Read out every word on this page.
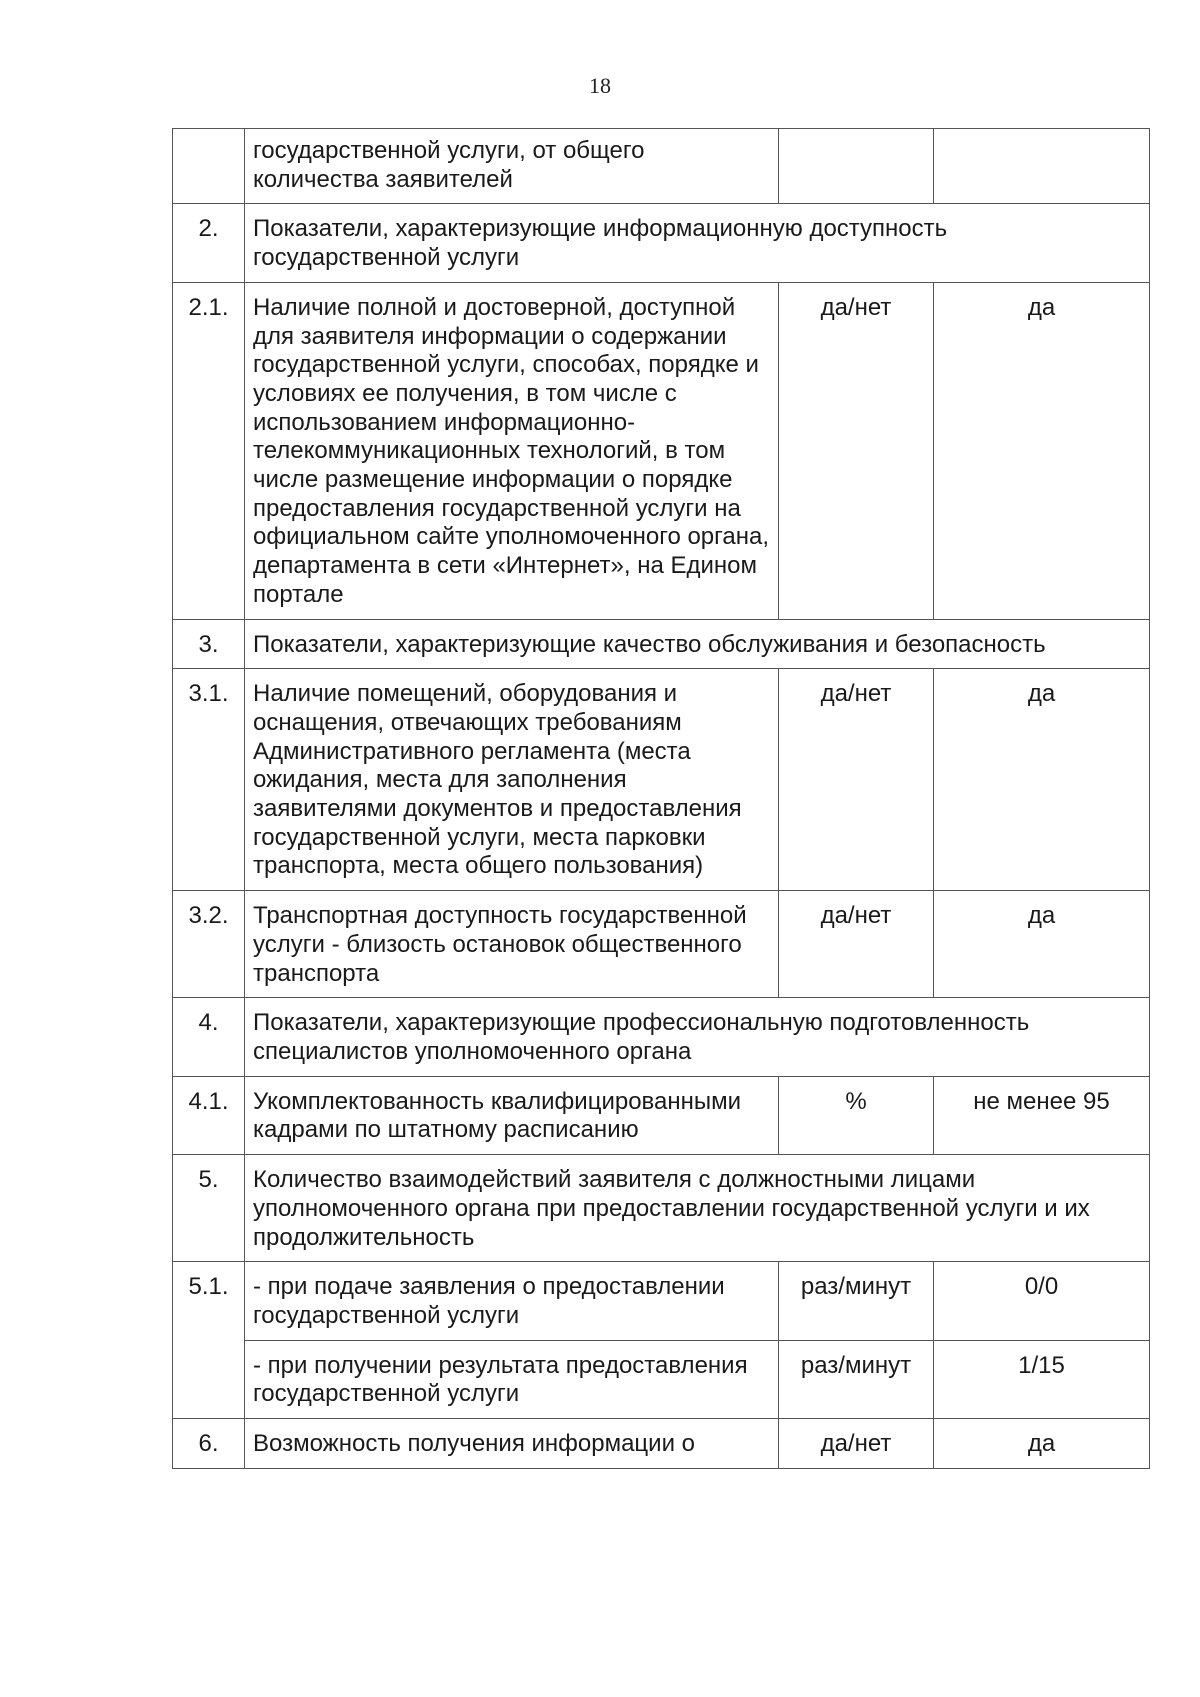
18
	государственной услуги, от общего количества заявителей		
2.	Показатели, характеризующие информационную доступность государственной услуги		
2.1.	Наличие полной и достоверной, доступной для заявителя информации о содержании государственной услуги, способах, порядке и условиях ее получения, в том числе с использованием информационно-телекоммуникационных технологий, в том числе размещение информации о порядке предоставления государственной услуги на официальном сайте уполномоченного органа, департамента в сети «Интернет», на Едином портале	да/нет	да
3.	Показатели, характеризующие качество обслуживания и безопасность		
3.1.	Наличие помещений, оборудования и оснащения, отвечающих требованиям Административного регламента (места ожидания, места для заполнения заявителями документов и предоставления государственной услуги, места парковки транспорта, места общего пользования)	да/нет	да
3.2.	Транспортная доступность государственной услуги - близость остановок общественного транспорта	да/нет	да
4.	Показатели, характеризующие профессиональную подготовленность специалистов уполномоченного органа		
4.1.	Укомплектованность квалифицированными кадрами по штатному расписанию	%	не менее 95
5.	Количество взаимодействий заявителя с должностными лицами уполномоченного органа при предоставлении государственной услуги и их продолжительность		
5.1.	- при подаче заявления о предоставлении государственной услуги	раз/минут	0/0
	- при получении результата предоставления государственной услуги	раз/минут	1/15
6.	Возможность получения информации о	да/нет	да
